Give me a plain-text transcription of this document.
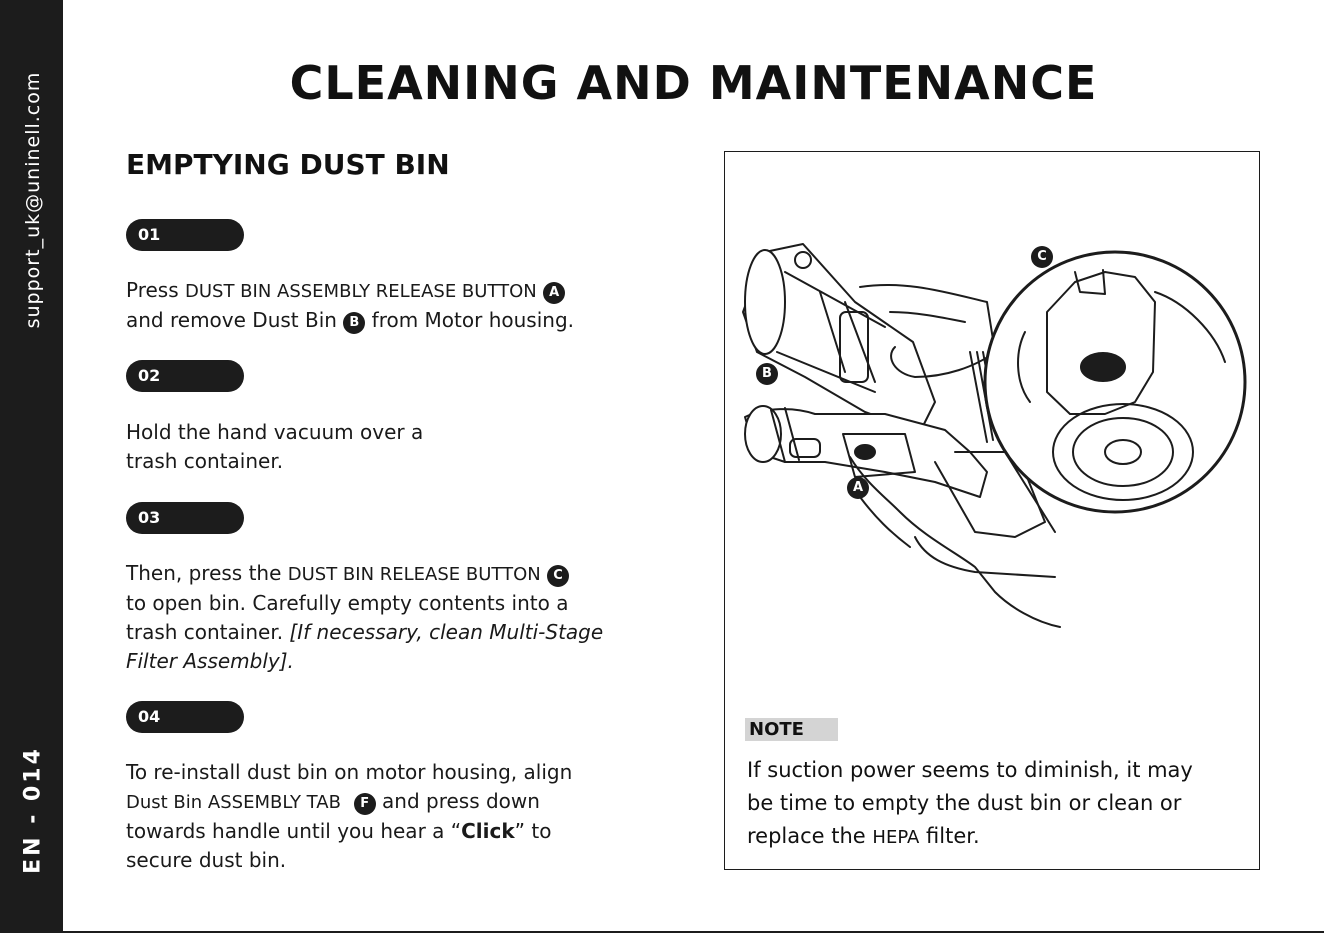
support_uk@uninell.com
EN - 014
CLEANING AND MAINTENANCE
EMPTYING DUST BIN
01
Press DUST BIN ASSEMBLY RELEASE BUTTON A
and remove Dust Bin B from Motor housing.
02
Hold the hand vacuum over a
trash container.
03
Then, press the DUST BIN RELEASE BUTTON C
to open bin. Carefully empty contents into a
trash container. [If necessary, clean Multi-Stage
Filter Assembly].
04
To re-install dust bin on motor housing, align
Dust Bin ASSEMBLY TAB F and press down
towards handle until you hear a “Click” to
secure dust bin.
NOTE
If suction power seems to diminish, it may
be time to empty the dust bin or clean or
replace the HEPA filter.
C
B
A
